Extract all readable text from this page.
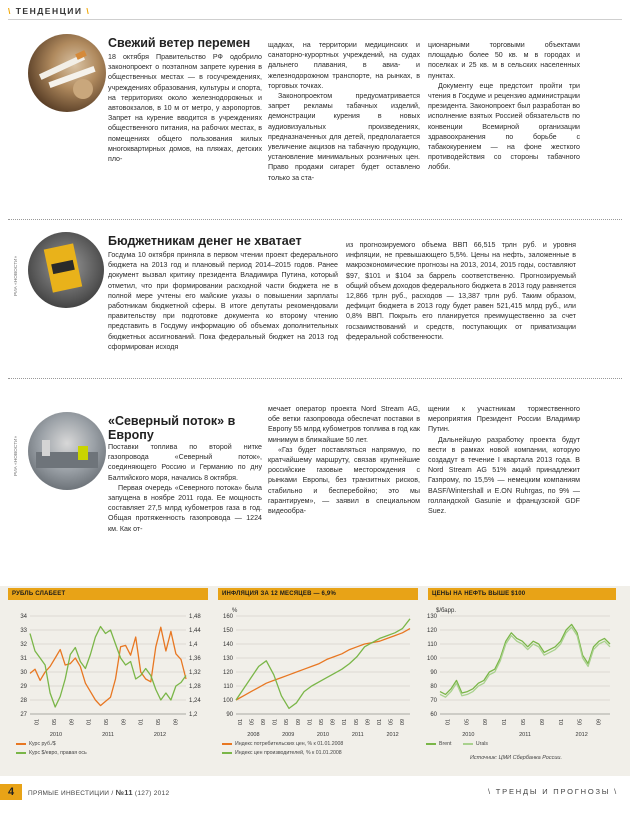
\ ТЕНДЕНЦИИ \
Свежий ветер перемен

18 октября Правительство РФ одобрило законопроект о поэтапном запрете курения в общественных местах — в госучреждениях, учреждениях образования, культуры и спорта, на территориях около железнодорожных и автовокзалов, в 10 м от метро, у аэропортов. Запрет на курение вводится в учреждениях общественного питания, на рабочих местах, в помещениях общего пользования жилых многоквартирных домов, на пляжах, детских пло-

щадках, на территории медицинских и санаторно-курортных учреждений, на судах дальнего плавания, в авиа- и железнодорожном транспорте, на рынках, в торговых точках.

Законопроектом предусматривается запрет рекламы табачных изделий, демонстрации курения в новых аудиовизуальных произведениях, предназначенных для детей, предполагается увеличение акцизов на табачную продукцию, установление минимальных розничных цен. Право продажи сигарет будет оставлено только за ста-

ционарными торговыми объектами площадью более 50 кв. м в городах и поселках и 25 кв. м в сельских населенных пунктах.

Документу еще предстоит пройти три чтения в Госдуме и рецензию администрации президента. Законопроект был разработан во исполнение взятых Россией обязательств по конвенции Всемирной организации здравоохранения по борьбе с табакокурением — на фоне жесткого противодействия со стороны табачного лобби.

РИА «НОВОСТИ»
Бюджетникам денег не хватает

Госдума 10 октября приняла в первом чтении проект федерального бюджета на 2013 год и плановый период 2014–2015 годов. Ранее документ вызвал критику президента Владимира Путина, который отметил, что при формировании расходной части бюджета не в полной мере учтены его майские указы о повышении зарплаты работникам бюджетной сферы. В итоге депутаты рекомендовали правительству при подготовке документа ко второму чтению представить в Госдуму информацию об объемах дополнительных бюджетных ассигнований. Пока федеральный бюджет на 2013 год сформирован исходя

из прогнозируемого объема ВВП 66,515 трлн руб. и уровня инфляции, не превышающего 5,5%. Цены на нефть, заложенные в макроэкономические прогнозы на 2013, 2014, 2015 годы, составляют $97, $101 и $104 за баррель соответственно. Прогнозируемый общий объем доходов федерального бюджета в 2013 году равняется 12,866 трлн руб., расходов — 13,387 трлн руб. Таким образом, дефицит бюджета в 2013 году будет равен 521,415 млрд руб., или 0,8% ВВП. Покрыть его планируется преимущественно за счет госзаимствований и средств, поступающих от приватизации федеральной собственности.

РИА «НОВОСТИ»
«Северный поток» в Европу

Поставки топлива по второй нитке газопровода «Северный поток», соединяющего Россию и Германию по дну Балтийского моря, начались 8 октября.

Первая очередь «Северного потока» была запущена в ноябре 2011 года. Ее мощность составляет 27,5 млрд кубометров газа в год. Общая протяженность газопровода — 1224 км. Как от-

мечает оператор проекта Nord Stream AG, обе ветки газопровода обеспечат поставки в Европу 55 млрд кубометров топлива в год как минимум в ближайшие 50 лет.

«Газ будет поставляться напрямую, по кратчайшему маршруту, связав крупнейшие российские газовые месторождения с рынками Европы, без транзитных рисков, стабильно и бесперебойно; это мы гарантируем», — заявил в специальном видеообра-

щении к участникам торжественного мероприятия Президент России Владимир Путин.

Дальнейшую разработку проекта будут вести в рамках новой компании, которую создадут в течение I квартала 2013 года. В Nord Stream AG 51% акций принадлежит Газпрому, по 15,5% — немецким компаниям BASF/Wintershall и E.ON Ruhrgas, по 9% — голландской Gasunie и французской GDF Suez.

РУБЛЬ СЛАБЕЕТ	ИНФЛЯЦИЯ ЗА 12 МЕСЯЦЕВ — 6,9%	ЦЕНЫ НА НЕФТЬ ВЫШЕ $100
34
33
32
31
30
29
28
27
1,48
1,44
1,4
1,36
1,32
1,28
1,24
1,2
01 05 09 01 05 09 01 05 09
2010	2011	2012
160
150
140
130
120
110
100
90
%
01 05 09 01 05 09 01 05 09 01 05 09 01 05 09
2008	2009	2010	2011	2012
130
120
110
100
90
80
70
60
$/барр.
01 05 09 01 05 09 01 05 09
2010	2011	2012
Курс руб./$
Курс $/евро, правая ось
Индекс потребительских цен, % к 01.01.2008
Индекс цен производителей, % к 01.01.2008
Brent	Urals
Источник: ЦМИ Сбербанка России.
4	ПРЯМЫЕ ИНВЕСТИЦИИ / №11 (127) 2012	\ ТРЕНДЫ И ПРОГНОЗЫ \
